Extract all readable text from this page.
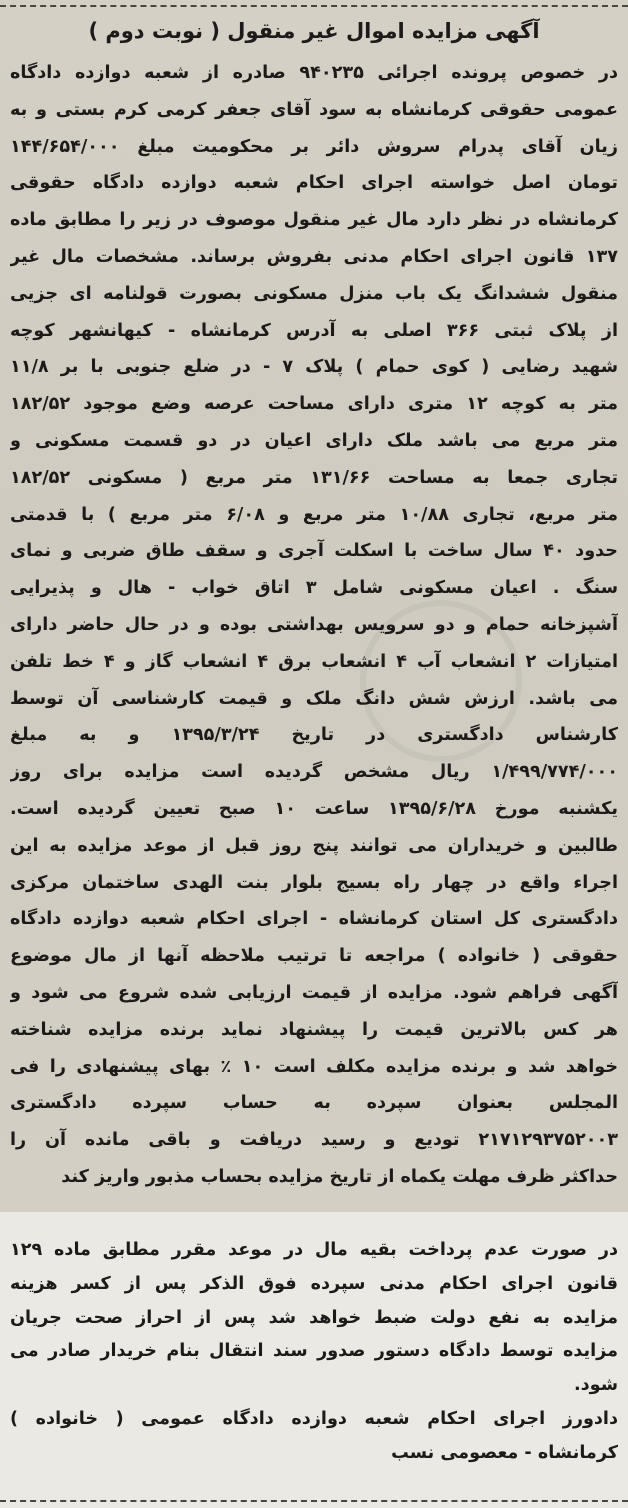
آگهی مزایده اموال غیر منقول ( نوبت دوم )
در خصوص پرونده اجرائی ۹۴۰۲۳۵ صادره از شعبه دوازده دادگاه
عمومی حقوقی کرمانشاه به سود آقای جعفر کرمی کرم بستی و به
زیان آقای پدرام سروش دائر بر محکومیت مبلغ ۱۴۴/۶۵۴/۰۰۰
تومان اصل خواسته اجرای احکام شعبه دوازده دادگاه حقوقی
کرمانشاه در نظر دارد مال غیر منقول موصوف در زیر را مطابق ماده
۱۳۷ قانون اجرای احکام مدنی بفروش برساند. مشخصات مال غیر
منقول ششدانگ یک باب منزل مسکونی بصورت قولنامه ای جزیی
از پلاک ثبتی ۳۶۶ اصلی به آدرس کرمانشاه - کیهانشهر کوچه
شهید رضایی ( کوی حمام ) پلاک ۷ - در ضلع جنوبی با بر ۱۱/۸
متر به کوچه ۱۲ متری دارای مساحت عرصه وضع موجود ۱۸۲/۵۲
متر مربع می باشد ملک دارای اعیان در دو قسمت مسکونی و
تجاری جمعا به مساحت ۱۳۱/۶۶ متر مربع ( مسکونی ۱۸۲/۵۲
متر مربع، تجاری ۱۰/۸۸ متر مربع و ۶/۰۸ متر مربع ) با قدمتی
حدود ۴۰ سال ساخت با اسکلت آجری و سقف طاق ضربی و نمای
سنگ . اعیان مسکونی شامل ۳ اتاق خواب - هال و پذیرایی
آشپزخانه حمام و دو سرویس بهداشتی بوده و در حال حاضر دارای
امتیازات ۲ انشعاب آب ۴ انشعاب برق ۴ انشعاب گاز و ۴ خط تلفن
می باشد. ارزش شش دانگ ملک و قیمت کارشناسی آن توسط
کارشناس دادگستری در تاریخ ۱۳۹۵/۳/۲۴ و به مبلغ
۱/۴۹۹/۷۷۴/۰۰۰ ریال مشخص گردیده است مزایده برای روز
یکشنبه مورخ ۱۳۹۵/۶/۲۸ ساعت ۱۰ صبح تعیین گردیده است.
طالبین و خریداران می توانند پنج روز قبل از موعد مزایده به این
اجراء واقع در چهار راه بسیج بلوار بنت الهدی ساختمان مرکزی
دادگستری کل استان کرمانشاه - اجرای احکام شعبه دوازده دادگاه
حقوقی ( خانواده ) مراجعه تا ترتیب ملاحظه آنها از مال موضوع
آگهی فراهم شود. مزایده از قیمت ارزیابی شده شروع می شود و
هر کس بالاترین قیمت را پیشنهاد نماید برنده مزایده شناخته
خواهد شد و برنده مزایده مکلف است ۱۰ ٪ بهای پیشنهادی را فی
المجلس بعنوان سپرده به حساب سپرده دادگستری
۲۱۷۱۲۹۳۷۵۲۰۰۳ تودیع و رسید دریافت و باقی مانده آن را
حداکثر ظرف مهلت یکماه از تاریخ مزایده بحساب مذبور واریز کند
در صورت عدم پرداخت بقیه مال در موعد مقرر مطابق ماده ۱۲۹
قانون اجرای احکام مدنی سپرده فوق الذکر پس از کسر هزینه
مزایده به نفع دولت ضبط خواهد شد پس از احراز صحت جریان
مزایده توسط دادگاه دستور صدور سند انتقال بنام خریدار صادر می
شود.
دادورز اجرای احکام شعبه دوازده دادگاه عمومی ( خانواده )
کرمانشاه - معصومی نسب
